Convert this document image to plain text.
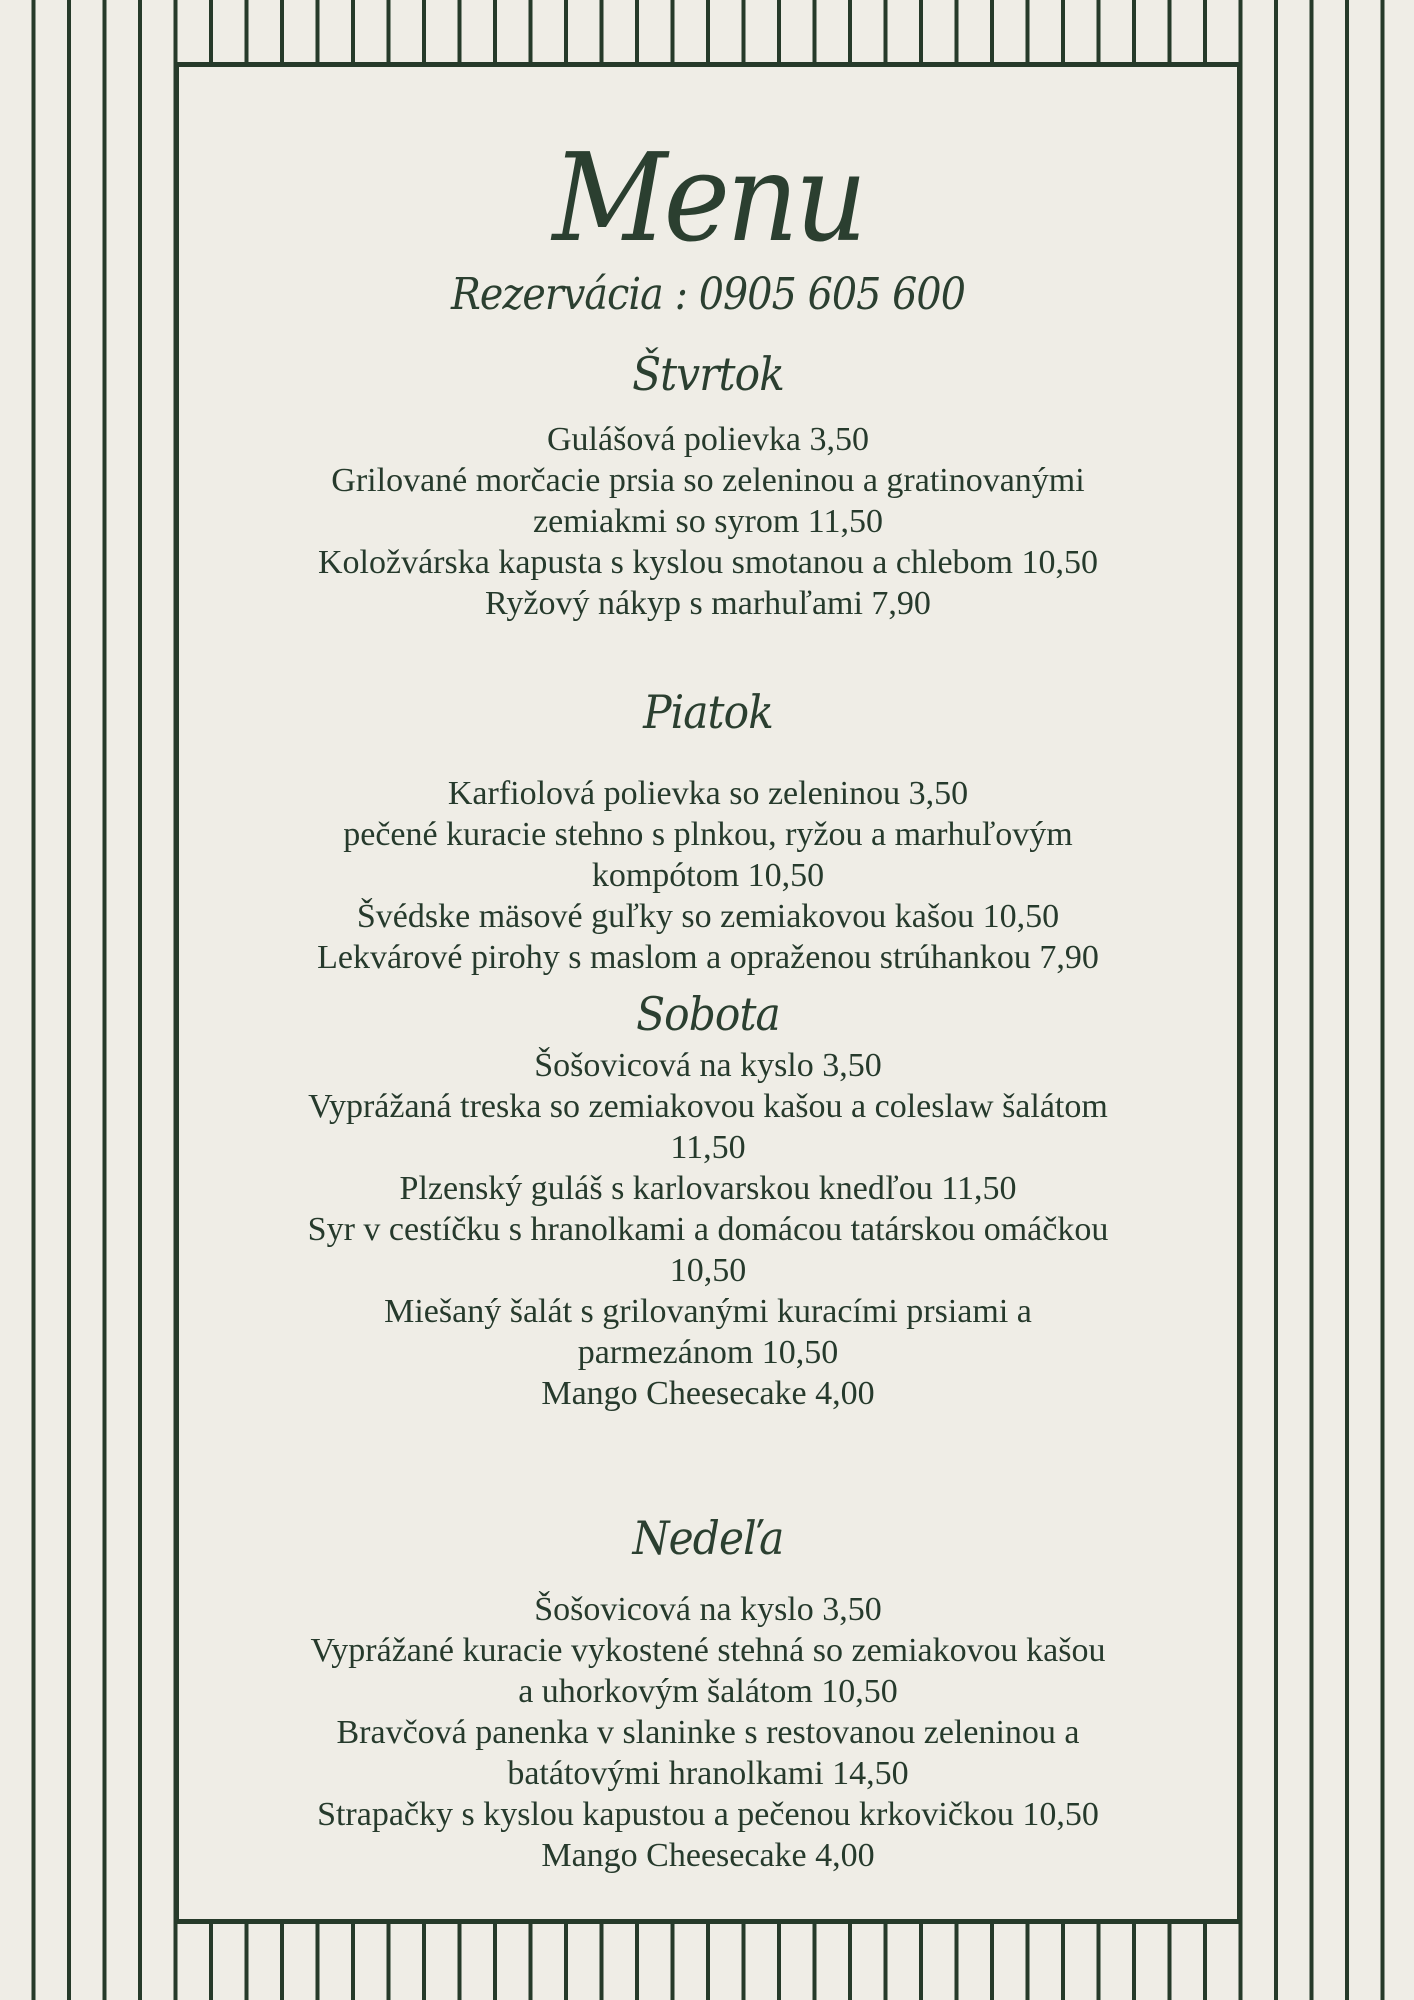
Menu
Rezervácia : 0905 605 600
Štvrtok
Gulášová polievka 3,50
Grilované morčacie prsia so zeleninou a gratinovanými
zemiakmi so syrom 11,50
Koložvárska kapusta s kyslou smotanou a chlebom 10,50
Ryžový nákyp s marhuľami 7,90
Piatok
Karfiolová polievka so zeleninou 3,50
pečené kuracie stehno s plnkou, ryžou a marhuľovým
kompótom 10,50
Švédske mäsové guľky so zemiakovou kašou 10,50
Lekvárové pirohy s maslom a opraženou strúhankou 7,90
Sobota
Šošovicová na kyslo 3,50
Vyprážaná treska so zemiakovou kašou a coleslaw šalátom
11,50
Plzenský guláš s karlovarskou knedľou 11,50
Syr v cestíčku s hranolkami a domácou tatárskou omáčkou
10,50
Miešaný šalát s grilovanými kuracími prsiami a
parmezánom 10,50
Mango Cheesecake 4,00
Nedeľa
Šošovicová na kyslo 3,50
Vyprážané kuracie vykostené stehná so zemiakovou kašou
a uhorkovým šalátom 10,50
Bravčová panenka v slaninke s restovanou zeleninou a
batátovými hranolkami 14,50
Strapačky s kyslou kapustou a pečenou krkovičkou 10,50
Mango Cheesecake 4,00
